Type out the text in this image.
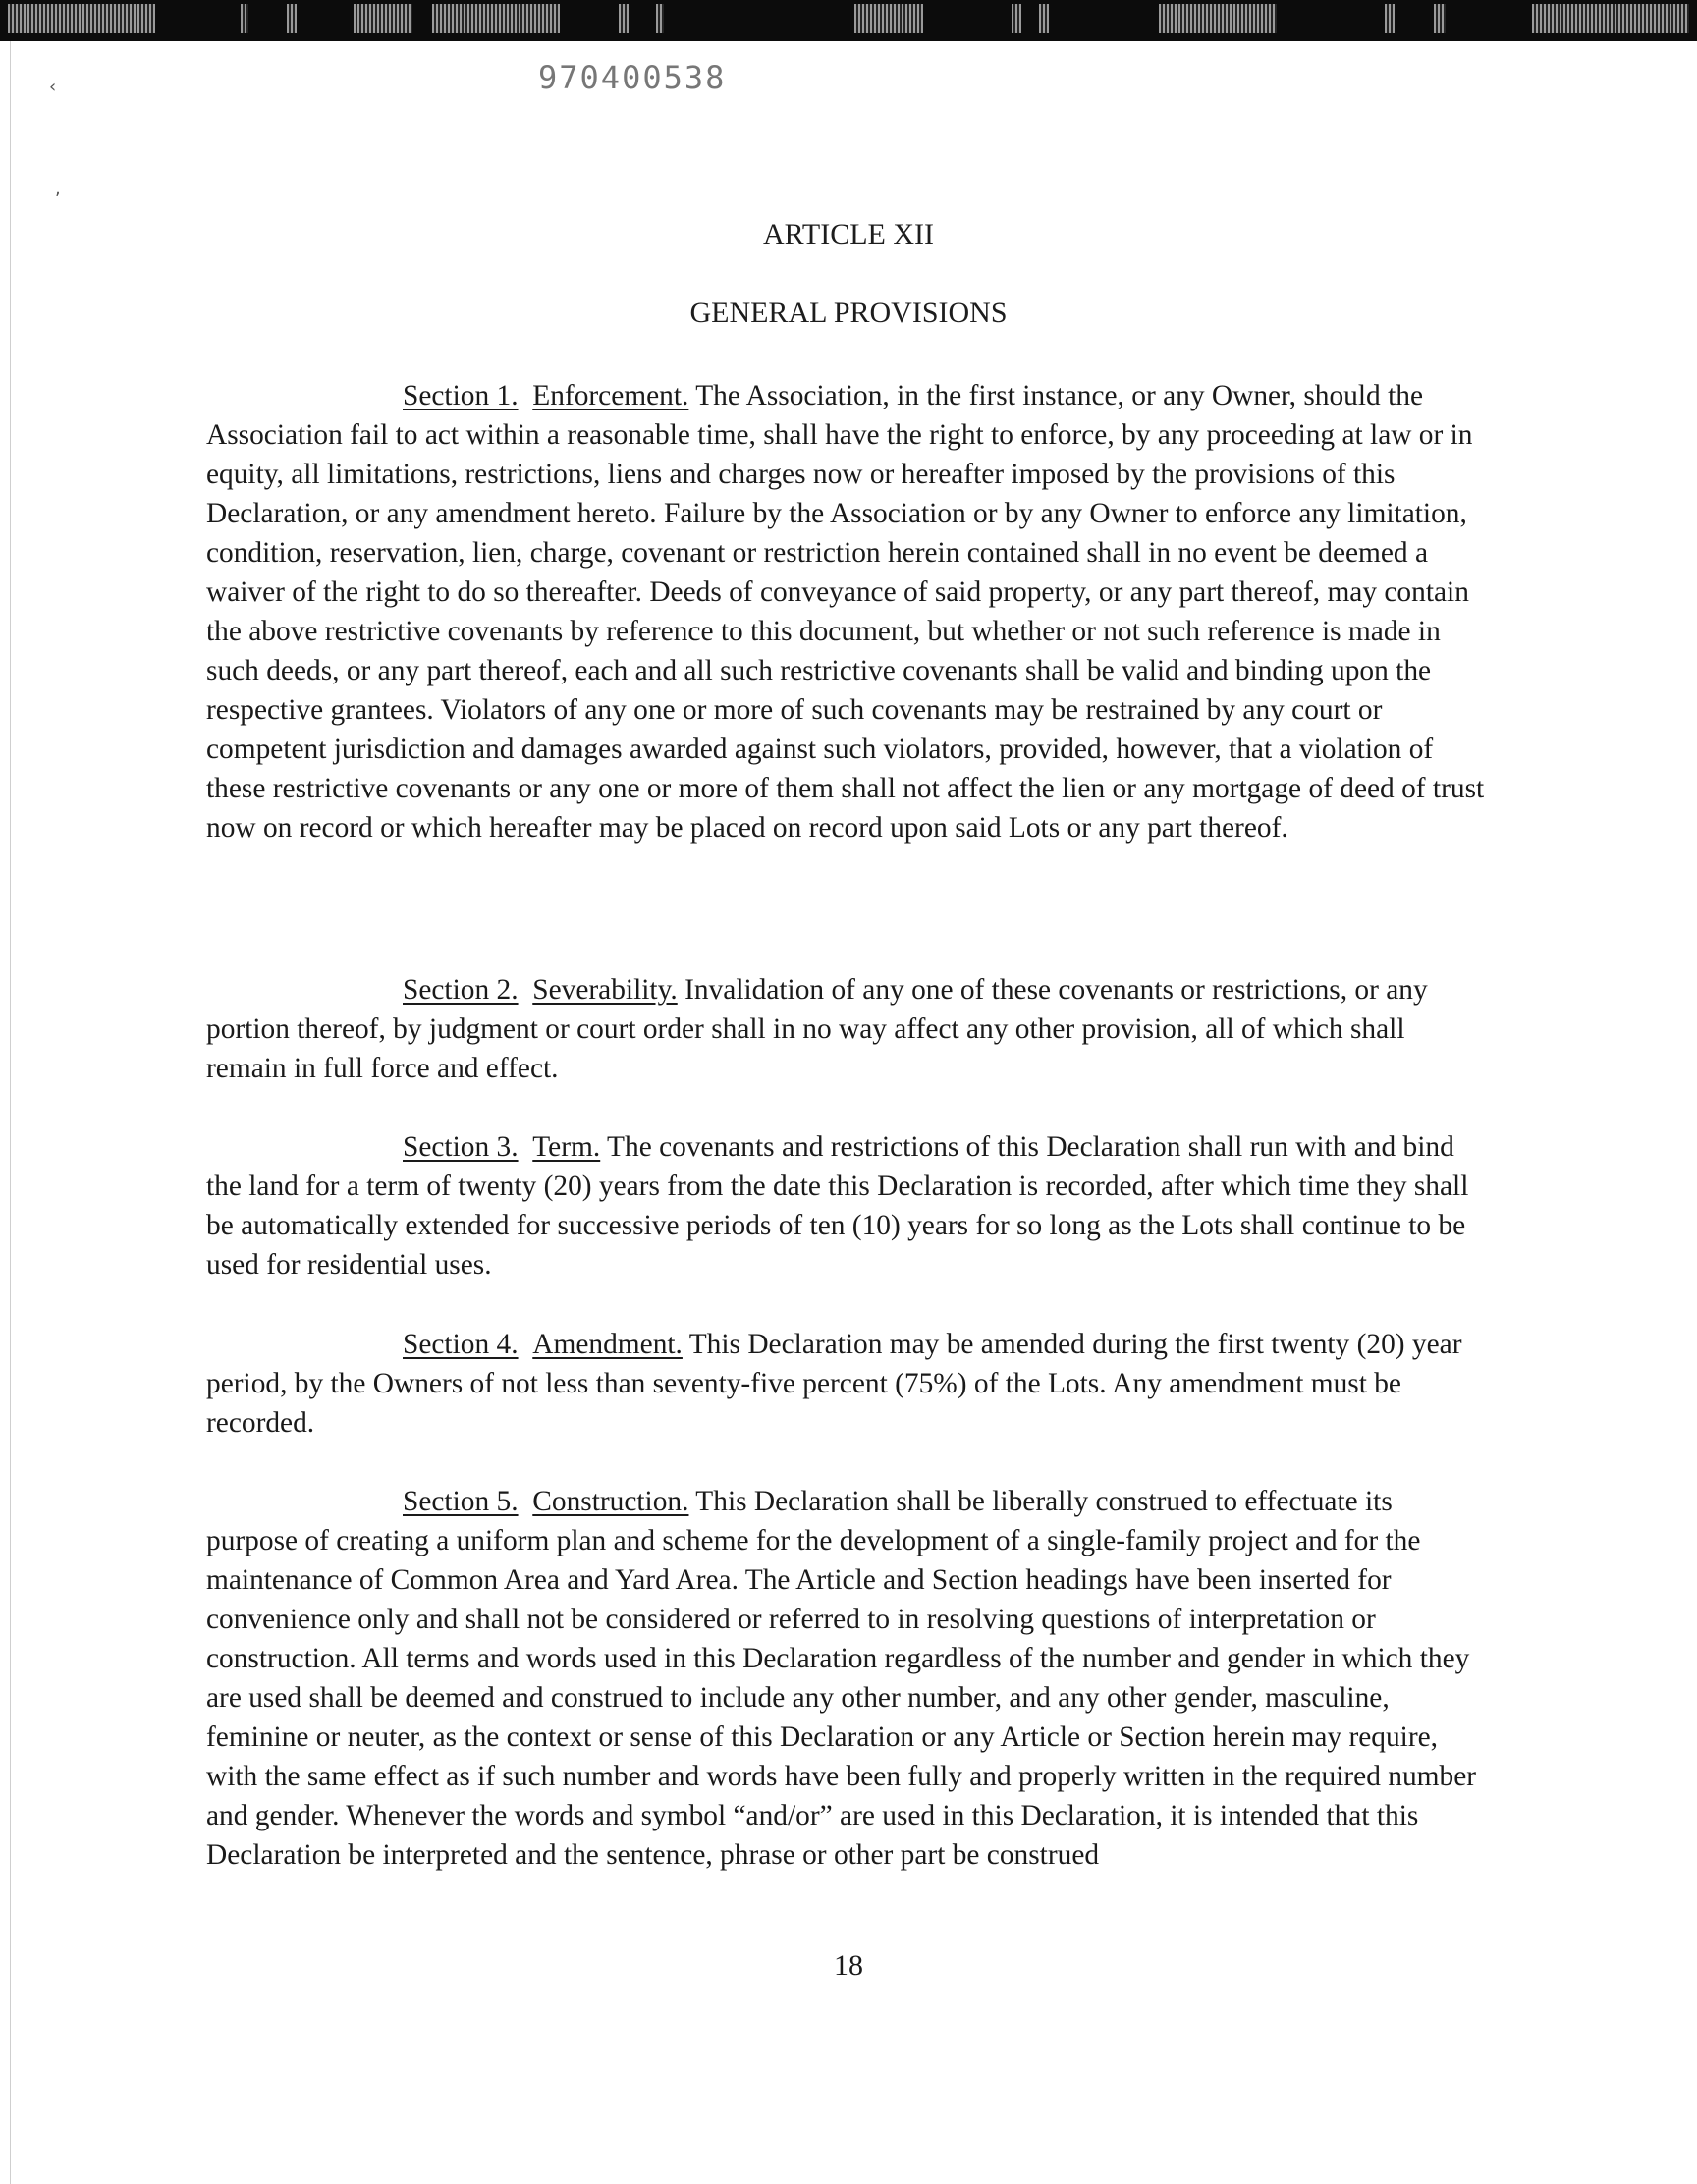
‹
,
970400538
ARTICLE XII
GENERAL PROVISIONS

Section 1. Enforcement. The Association, in the first instance, or any Owner, should the Association fail to act within a reasonable time, shall have the right to enforce, by any proceeding at law or in equity, all limitations, restrictions, liens and charges now or hereafter imposed by the provisions of this Declaration, or any amendment hereto. Failure by the Association or by any Owner to enforce any limitation, condition, reservation, lien, charge, covenant or restriction herein contained shall in no event be deemed a waiver of the right to do so thereafter. Deeds of conveyance of said property, or any part thereof, may contain the above restrictive covenants by reference to this document, but whether or not such reference is made in such deeds, or any part thereof, each and all such restrictive covenants shall be valid and binding upon the respective grantees. Violators of any one or more of such covenants may be restrained by any court or competent jurisdiction and damages awarded against such violators, provided, however, that a violation of these restrictive covenants or any one or more of them shall not affect the lien or any mortgage of deed of trust now on record or which hereafter may be placed on record upon said Lots or any part thereof.

Section 2. Severability. Invalidation of any one of these covenants or restrictions, or any portion thereof, by judgment or court order shall in no way affect any other provision, all of which shall remain in full force and effect.

Section 3. Term. The covenants and restrictions of this Declaration shall run with and bind the land for a term of twenty (20) years from the date this Declaration is recorded, after which time they shall be automatically extended for successive periods of ten (10) years for so long as the Lots shall continue to be used for residential uses.

Section 4. Amendment. This Declaration may be amended during the first twenty (20) year period, by the Owners of not less than seventy-five percent (75%) of the Lots. Any amendment must be recorded.

Section 5. Construction. This Declaration shall be liberally construed to effectuate its purpose of creating a uniform plan and scheme for the development of a single-family project and for the maintenance of Common Area and Yard Area. The Article and Section headings have been inserted for convenience only and shall not be considered or referred to in resolving questions of interpretation or construction. All terms and words used in this Declaration regardless of the number and gender in which they are used shall be deemed and construed to include any other number, and any other gender, masculine, feminine or neuter, as the context or sense of this Declaration or any Article or Section herein may require, with the same effect as if such number and words have been fully and properly written in the required number and gender. Whenever the words and symbol “and/or” are used in this Declaration, it is intended that this Declaration be interpreted and the sentence, phrase or other part be construed

18
